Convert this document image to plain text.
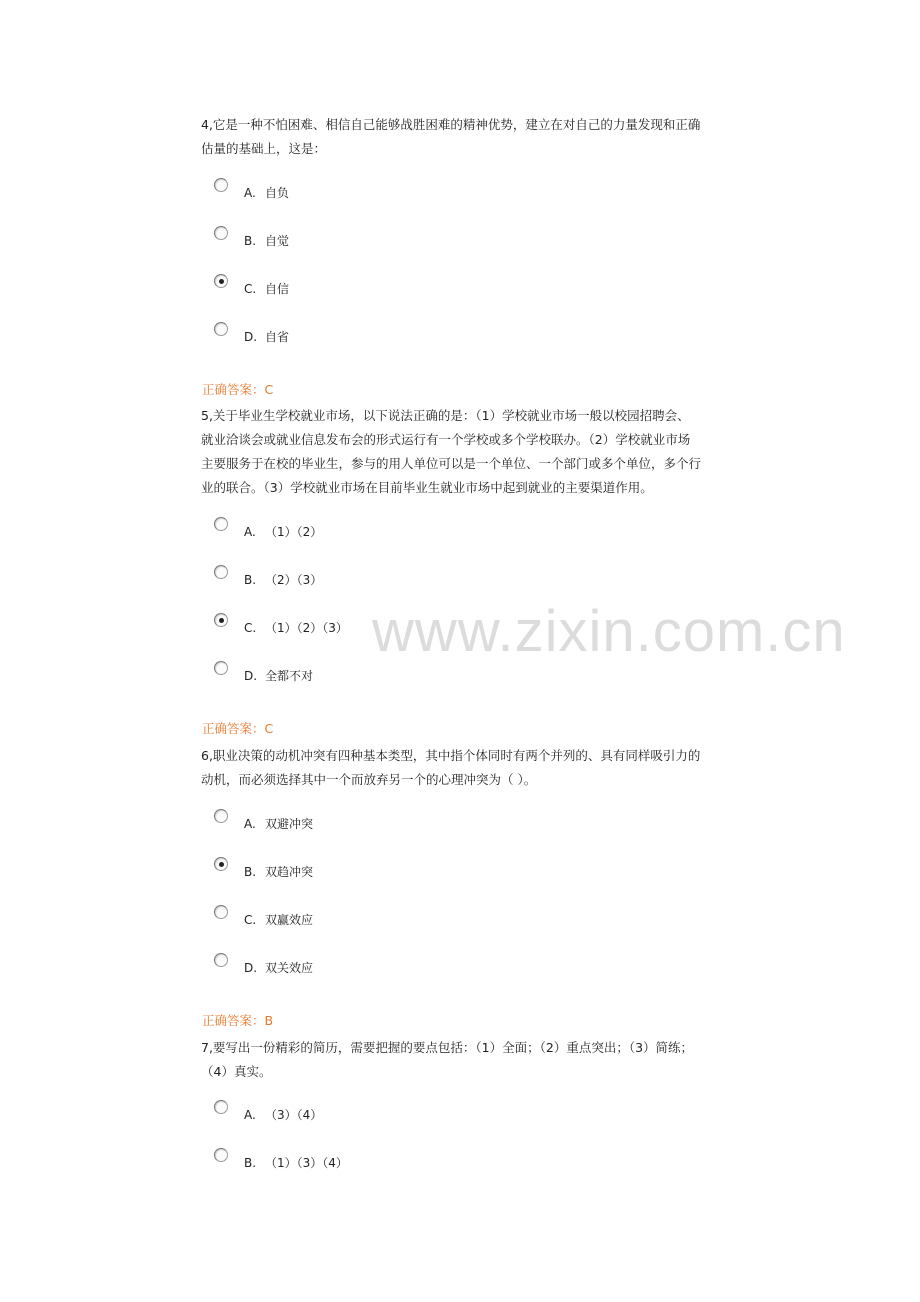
www.zixin.com.cn
4,它是一种不怕困难、相信自己能够战胜困难的精神优势，建立在对自己的力量发现和正确估量的基础上，这是：
A. 自负
B. 自觉
C. 自信
D. 自省
正确答案：C
5,关于毕业生学校就业市场，以下说法正确的是：（1）学校就业市场一般以校园招聘会、就业洽谈会或就业信息发布会的形式运行有一个学校或多个学校联办。（2）学校就业市场主要服务于在校的毕业生，参与的用人单位可以是一个单位、一个部门或多个单位，多个行业的联合。（3）学校就业市场在目前毕业生就业市场中起到就业的主要渠道作用。
A. （1）（2）
B. （2）（3）
C. （1）（2）（3）
D. 全都不对
正确答案：C
6,职业决策的动机冲突有四种基本类型，其中指个体同时有两个并列的、具有同样吸引力的动机，而必须选择其中一个而放弃另一个的心理冲突为（ ）。
A. 双避冲突
B. 双趋冲突
C. 双赢效应
D. 双关效应
正确答案：B
7,要写出一份精彩的简历，需要把握的要点包括：（1）全面；（2）重点突出；（3）简练；（4）真实。
A. （3）（4）
B. （1）（3）（4）
